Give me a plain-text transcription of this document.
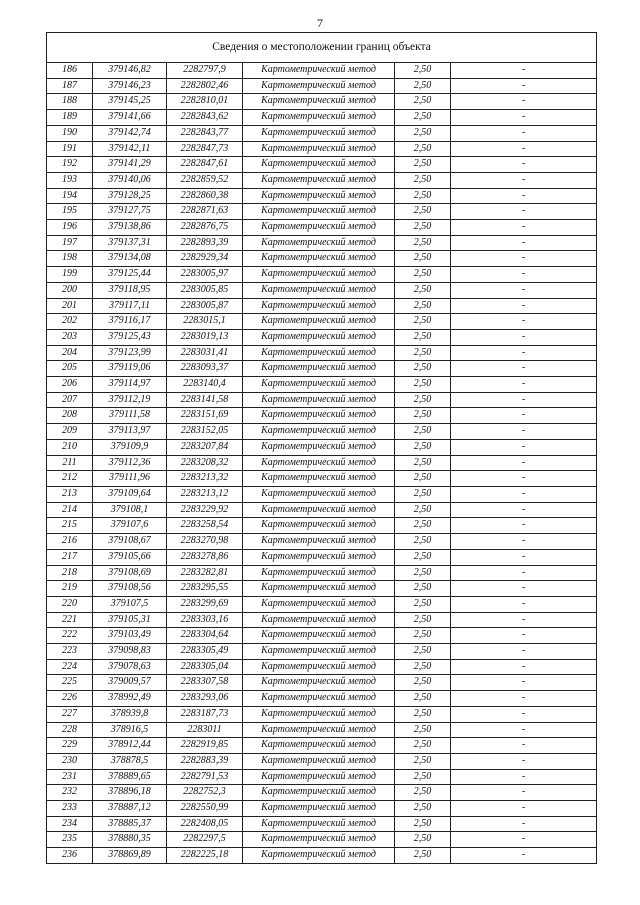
7
Сведения о местоположении границ объекта					
186	379146,82	2282797,9	Картометрический метод	2,50	-
187	379146,23	2282802,46	Картометрический метод	2,50	-
188	379145,25	2282810,01	Картометрический метод	2,50	-
189	379141,66	2282843,62	Картометрический метод	2,50	-
190	379142,74	2282843,77	Картометрический метод	2,50	-
191	379142,11	2282847,73	Картометрический метод	2,50	-
192	379141,29	2282847,61	Картометрический метод	2,50	-
193	379140,06	2282859,52	Картометрический метод	2,50	-
194	379128,25	2282860,38	Картометрический метод	2,50	-
195	379127,75	2282871,63	Картометрический метод	2,50	-
196	379138,86	2282876,75	Картометрический метод	2,50	-
197	379137,31	2282893,39	Картометрический метод	2,50	-
198	379134,08	2282929,34	Картометрический метод	2,50	-
199	379125,44	2283005,97	Картометрический метод	2,50	-
200	379118,95	2283005,85	Картометрический метод	2,50	-
201	379117,11	2283005,87	Картометрический метод	2,50	-
202	379116,17	2283015,1	Картометрический метод	2,50	-
203	379125,43	2283019,13	Картометрический метод	2,50	-
204	379123,99	2283031,41	Картометрический метод	2,50	-
205	379119,06	2283093,37	Картометрический метод	2,50	-
206	379114,97	2283140,4	Картометрический метод	2,50	-
207	379112,19	2283141,58	Картометрический метод	2,50	-
208	379111,58	2283151,69	Картометрический метод	2,50	-
209	379113,97	2283152,05	Картометрический метод	2,50	-
210	379109,9	2283207,84	Картометрический метод	2,50	-
211	379112,36	2283208,32	Картометрический метод	2,50	-
212	379111,96	2283213,32	Картометрический метод	2,50	-
213	379109,64	2283213,12	Картометрический метод	2,50	-
214	379108,1	2283229,92	Картометрический метод	2,50	-
215	379107,6	2283258,54	Картометрический метод	2,50	-
216	379108,67	2283270,98	Картометрический метод	2,50	-
217	379105,66	2283278,86	Картометрический метод	2,50	-
218	379108,69	2283282,81	Картометрический метод	2,50	-
219	379108,56	2283295,55	Картометрический метод	2,50	-
220	379107,5	2283299,69	Картометрический метод	2,50	-
221	379105,31	2283303,16	Картометрический метод	2,50	-
222	379103,49	2283304,64	Картометрический метод	2,50	-
223	379098,83	2283305,49	Картометрический метод	2,50	-
224	379078,63	2283305,04	Картометрический метод	2,50	-
225	379009,57	2283307,58	Картометрический метод	2,50	-
226	378992,49	2283293,06	Картометрический метод	2,50	-
227	378939,8	2283187,73	Картометрический метод	2,50	-
228	378916,5	2283011	Картометрический метод	2,50	-
229	378912,44	2282919,85	Картометрический метод	2,50	-
230	378878,5	2282883,39	Картометрический метод	2,50	-
231	378889,65	2282791,53	Картометрический метод	2,50	-
232	378896,18	2282752,3	Картометрический метод	2,50	-
233	378887,12	2282550,99	Картометрический метод	2,50	-
234	378885,37	2282408,05	Картометрический метод	2,50	-
235	378880,35	2282297,5	Картометрический метод	2,50	-
236	378869,89	2282225,18	Картометрический метод	2,50	-
